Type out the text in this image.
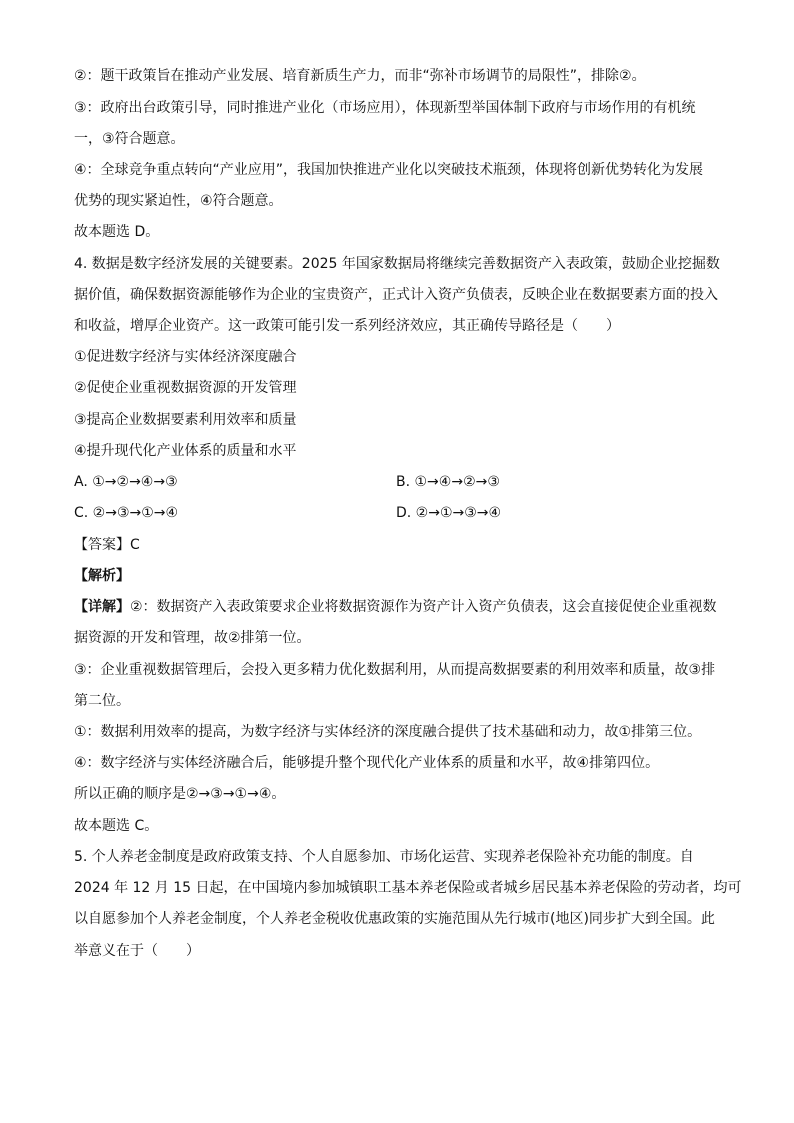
②：题干政策旨在推动产业发展、培育新质生产力，而非“弥补市场调节的局限性”，排除②。
③：政府出台政策引导，同时推进产业化（市场应用），体现新型举国体制下政府与市场作用的有机统
一，③符合题意。
④：全球竞争重点转向“产业应用”，我国加快推进产业化以突破技术瓶颈，体现将创新优势转化为发展
优势的现实紧迫性，④符合题意。
故本题选 D。
4. 数据是数字经济发展的关键要素。2025 年国家数据局将继续完善数据资产入表政策，鼓励企业挖掘数
据价值，确保数据资源能够作为企业的宝贵资产，正式计入资产负债表，反映企业在数据要素方面的投入
和收益，增厚企业资产。这一政策可能引发一系列经济效应，其正确传导路径是（　　）
①促进数字经济与实体经济深度融合
②促使企业重视数据资源的开发管理
③提高企业数据要素利用效率和质量
④提升现代化产业体系的质量和水平
A. ①→②→④→③	B. ①→④→②→③
C. ②→③→①→④	D. ②→①→③→④
【答案】C
【解析】
【详解】②：数据资产入表政策要求企业将数据资源作为资产计入资产负债表，这会直接促使企业重视数
据资源的开发和管理，故②排第一位。
③：企业重视数据管理后，会投入更多精力优化数据利用，从而提高数据要素的利用效率和质量，故③排
第二位。
①：数据利用效率的提高，为数字经济与实体经济的深度融合提供了技术基础和动力，故①排第三位。
④：数字经济与实体经济融合后，能够提升整个现代化产业体系的质量和水平，故④排第四位。
所以正确的顺序是②→③→①→④。
故本题选 C。
5. 个人养老金制度是政府政策支持、个人自愿参加、市场化运营、实现养老保险补充功能的制度。自
2024 年 12 月 15 日起，在中国境内参加城镇职工基本养老保险或者城乡居民基本养老保险的劳动者，均可
以自愿参加个人养老金制度，个人养老金税收优惠政策的实施范围从先行城市(地区)同步扩大到全国。此
举意义在于（　　）
